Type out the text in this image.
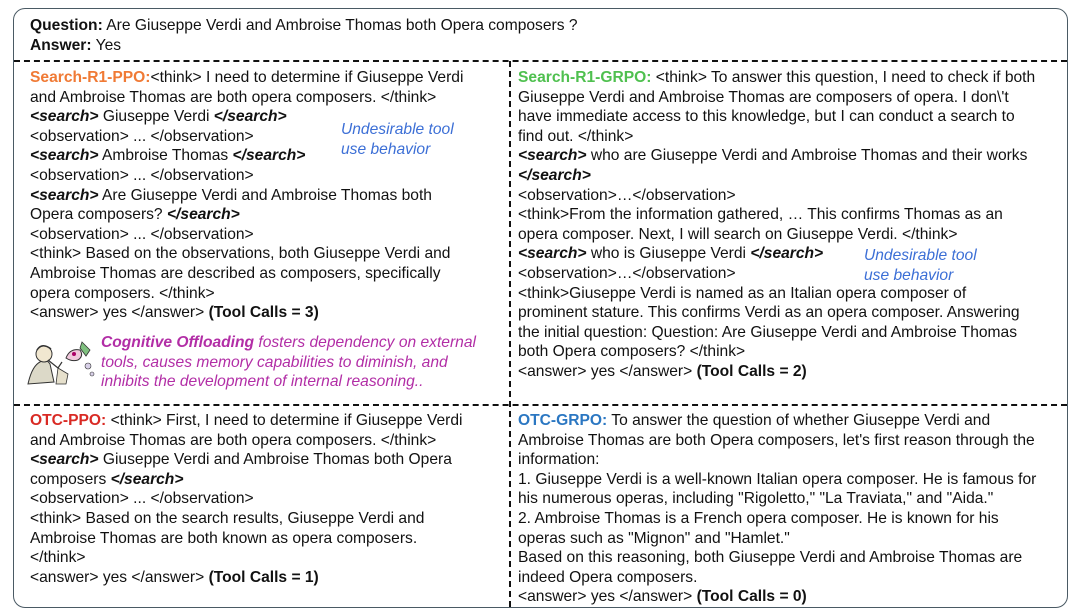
Question: Are Giuseppe Verdi and Ambroise Thomas both Opera composers ?
Answer: Yes
Search-R1-PPO:<think> I need to determine if Giuseppe Verdi
and Ambroise Thomas are both opera composers. </think>
<search> Giuseppe Verdi </search>
<observation> ... </observation>
<search> Ambroise Thomas </search>
<observation> ... </observation>
<search> Are Giuseppe Verdi and Ambroise Thomas both
Opera composers? </search>
<observation> ... </observation>
<think> Based on the observations, both Giuseppe Verdi and
Ambroise Thomas are described as composers, specifically
opera composers. </think>
<answer> yes </answer> (Tool Calls = 3)
Undesirable tool
use behavior
Search-R1-GRPO: <think> To answer this question, I need to check if both
Giuseppe Verdi and Ambroise Thomas are composers of opera. I don\'t
have immediate access to this knowledge, but I can conduct a search to
find out. </think>
<search> who are Giuseppe Verdi and Ambroise Thomas and their works
</search>
<observation>…</observation>
<think>From the information gathered, … This confirms Thomas as an
opera composer. Next, I will search on Giuseppe Verdi. </think>
<search> who is Giuseppe Verdi </search>
<observation>…</observation>
<think>Giuseppe Verdi is named as an Italian opera composer of
prominent stature. This confirms Verdi as an opera composer. Answering
the initial question: Question: Are Giuseppe Verdi and Ambroise Thomas
both Opera composers? </think>
<answer> yes </answer> (Tool Calls = 2)
Undesirable tool
use behavior
OTC-PPO: <think> First, I need to determine if Giuseppe Verdi
and Ambroise Thomas are both opera composers. </think>
<search> Giuseppe Verdi and Ambroise Thomas both Opera
composers </search>
<observation> ... </observation>
<think> Based on the search results, Giuseppe Verdi and
Ambroise Thomas are both known as opera composers.
</think>
<answer> yes </answer> (Tool Calls = 1)
OTC-GRPO: To answer the question of whether Giuseppe Verdi and
Ambroise Thomas are both Opera composers, let's first reason through the
information:
1. Giuseppe Verdi is a well-known Italian opera composer. He is famous for
his numerous operas, including "Rigoletto," "La Traviata," and "Aida."
2. Ambroise Thomas is a French opera composer. He is known for his
operas such as "Mignon" and "Hamlet."
Based on this reasoning, both Giuseppe Verdi and Ambroise Thomas are
indeed Opera composers.
<answer> yes </answer> (Tool Calls = 0)
Cognitive Offloading fosters dependency on external
tools, causes memory capabilities to diminish, and
inhibits the development of internal reasoning..
